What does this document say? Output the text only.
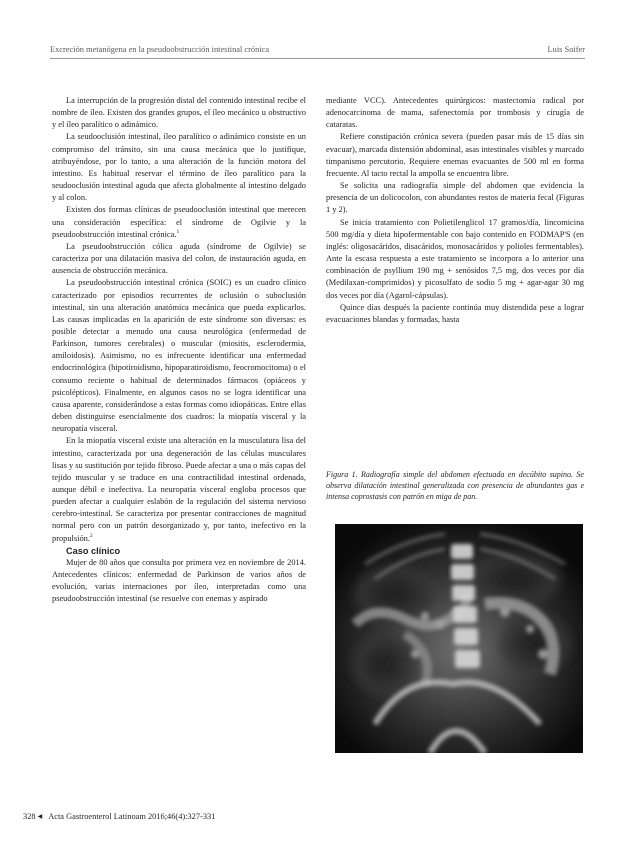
Excreción metanógena en la pseudoobstrucción intestinal crónica	Luis Soifer

La interrupción de la progresión distal del contenido intestinal recibe el nombre de íleo. Existen dos grandes grupos, el íleo mecánico u obstructivo y el íleo paralítico o adinámico.

La seudooclusión intestinal, íleo paralítico o adinámico consiste en un compromiso del tránsito, sin una causa mecánica que lo justifique, atribuyéndose, por lo tanto, a una alteración de la función motora del intestino. Es habitual reservar el término de íleo paralítico para la seudooclusión intestinal aguda que afecta globalmente al intestino delgado y al colon.

Existen dos formas clínicas de pseudooclusión intestinal que merecen una consideración específica: el síndrome de Ogilvie y la pseudoobstrucción intestinal crónica.$^1$

La pseudoobstrucción cólica aguda (síndrome de Ogilvie) se caracteriza por una dilatación masiva del colon, de instauración aguda, en ausencia de obstrucción mecánica.

La pseudoobstrucción intestinal crónica (SOIC) es un cuadro clínico caracterizado por episodios recurrentes de oclusión o suboclusión intestinal, sin una alteración anatómica mecánica que pueda explicarlos. Las causas implicadas en la aparición de este síndrome son diversas: es posible detectar a menudo una causa neurológica (enfermedad de Parkinson, tumores cerebrales) o muscular (miositis, esclerodermia, amiloidosis). Asimismo, no es infrecuente identificar una enfermedad endocrinológica (hipotiroidismo, hipoparatiroidismo, feocromocitoma) o el consumo reciente o habitual de determinados fármacos (opiáceos y psicolépticos). Finalmente, en algunos casos no se logra identificar una causa aparente, considerándose a estas formas como idiopáticas. Entre ellas deben distinguirse esencialmente dos cuadros: la miopatía visceral y la neuropatía visceral.

En la miopatía visceral existe una alteración en la musculatura lisa del intestino, caracterizada por una degeneración de las células musculares lisas y su sustitución por tejido fibroso. Puede afectar a una o más capas del tejido muscular y se traduce en una contractilidad intestinal ordenada, aunque débil e inefectiva. La neuropatía visceral engloba procesos que pueden afectar a cualquier eslabón de la regulación del sistema nervioso cerebro-intestinal. Se caracteriza por presentar contracciones de magnitud normal pero con un patrón desorganizado y, por tanto, inefectivo en la propulsión.$^2$

Caso clínico

Mujer de 80 años que consulta por primera vez en noviembre de 2014. Antecedentes clínicos: enfermedad de Parkinson de varios años de evolución, varias internaciones por íleo, interpretadas como una pseudoobstrucción intestinal (se resuelve con enemas y aspirado

mediante VCC). Antecedentes quirúrgicos: mastectomía radical por adenocarcinoma de mama, safenectomía por trombosis y cirugía de cataratas.

Refiere constipación crónica severa (pueden pasar más de 15 días sin evacuar), marcada distensión abdominal, asas intestinales visibles y marcado timpanismo percutorio. Requiere enemas evacuantes de 500 ml en forma frecuente. Al tacto rectal la ampolla se encuentra libre.

Se solicita una radiografía simple del abdomen que evidencia la presencia de un dolicocolon, con abundantes restos de materia fecal (Figuras 1 y 2).

Se inicia tratamiento con Polietilenglicol 17 gramos/día, lincomicina 500 mg/día y dieta hipofermentable con bajo contenido en FODMAP'S (en inglés: oligosacáridos, disacáridos, monosacáridos y polioles fermentables). Ante la escasa respuesta a este tratamiento se incorpora a lo anterior una combinación de psyllium 190 mg + senósidos 7,5 mg, dos veces por día (Medilaxan-comprimidos) y picosulfato de sodio 5 mg + agar-agar 30 mg dos veces por día (Agarol-cápsulas).

Quince días después la paciente continúa muy distendida pese a lograr evacuaciones blandas y formadas, hasta

Figura 1. Radiografía simple del abdomen efectuada en decúbito supino. Se observa dilatación intestinal generalizada con presencia de abundantes gas e intensa coprostasis con patrón en miga de pan.
328 ◀ Acta Gastroenterol Latinoam 2016;46(4):327-331
